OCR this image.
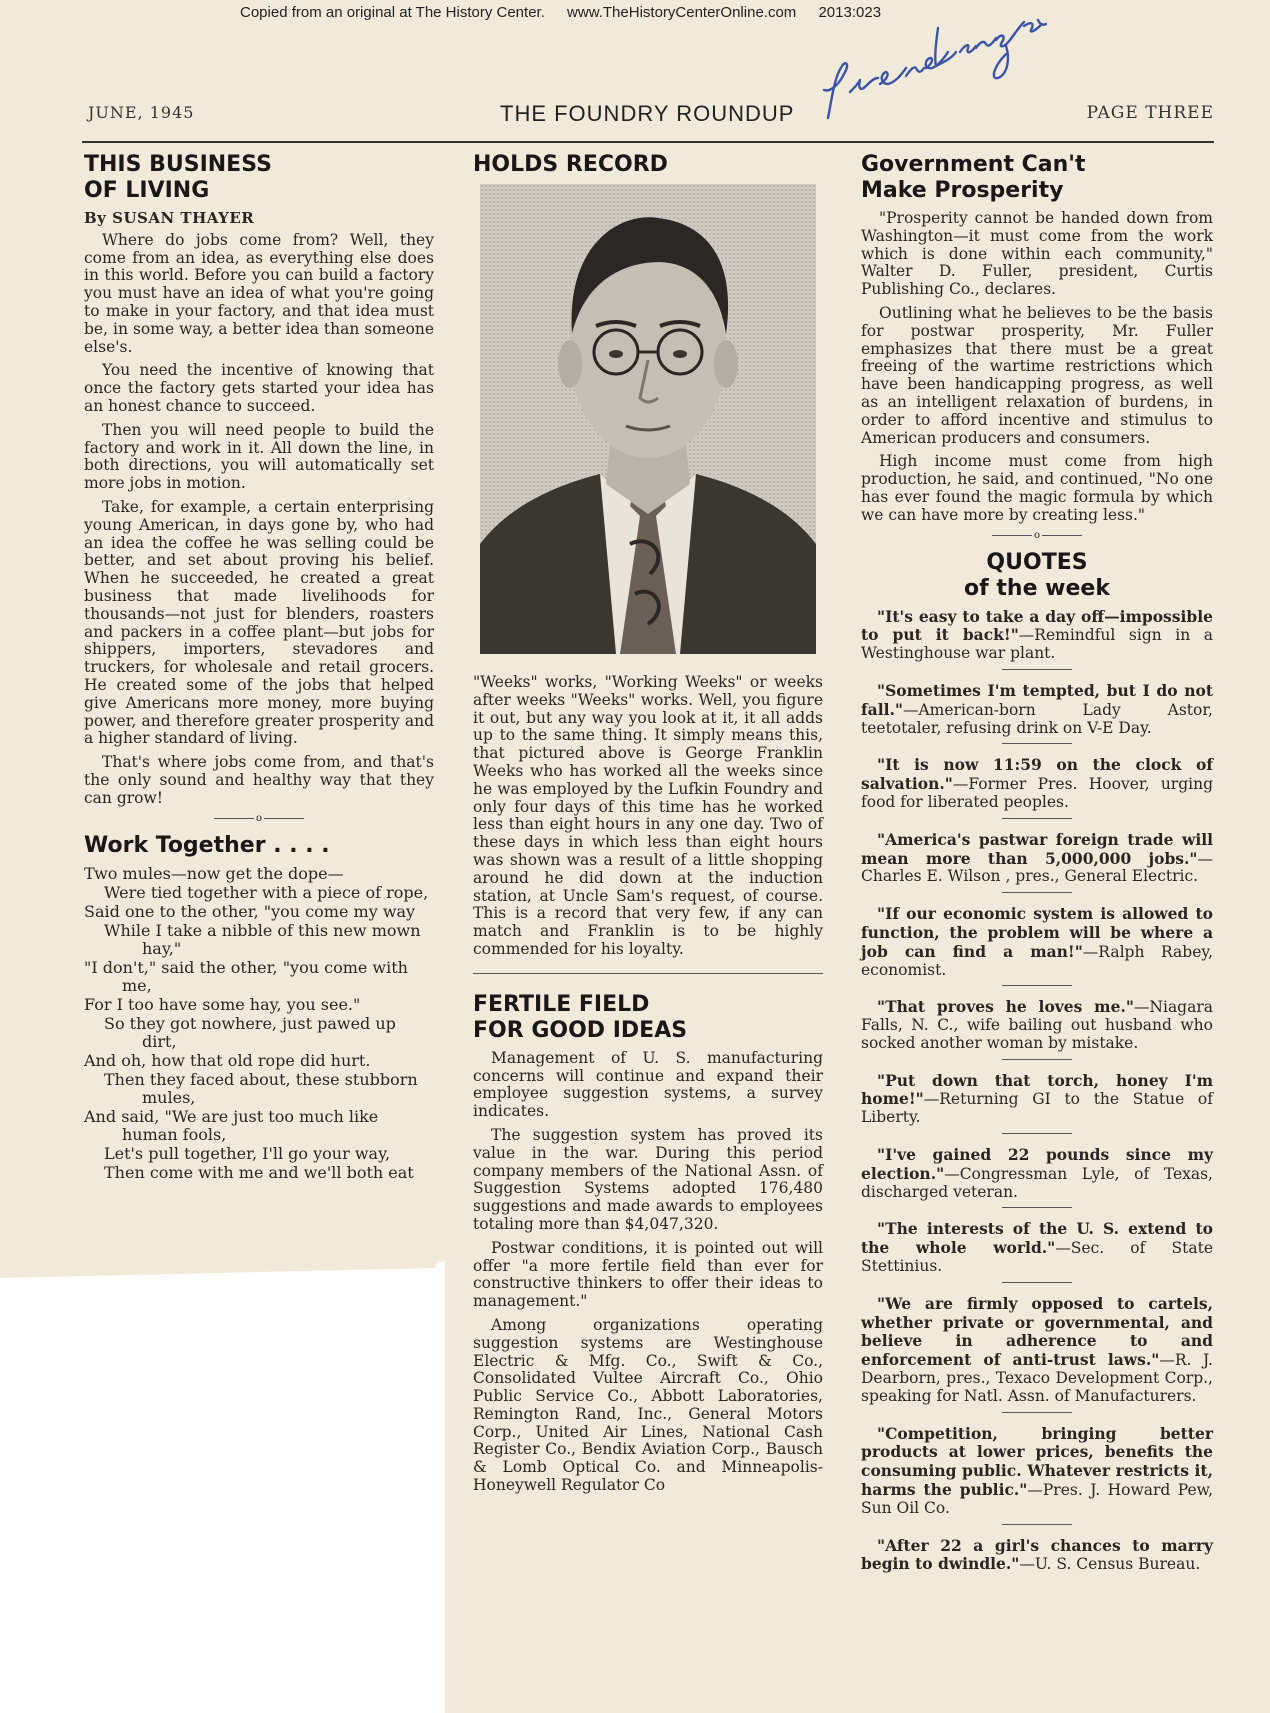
Copied from an original at The History Center. www.TheHistoryCenterOnline.com 2013:023
JUNE, 1945	THE FOUNDRY ROUNDUP	PAGE THREE
THIS BUSINESS
OF LIVING
By SUSAN THAYER

Where do jobs come from? Well, they come from an idea, as everything else does in this world. Before you can build a factory you must have an idea of what you're going to make in your factory, and that idea must be, in some way, a better idea than someone else's.

You need the incentive of knowing that once the factory gets started your idea has an honest chance to succeed.

Then you will need people to build the factory and work in it. All down the line, in both directions, you will automatically set more jobs in motion.

Take, for example, a certain enterprising young American, in days gone by, who had an idea the coffee he was selling could be better, and set about proving his belief. When he succeeded, he created a great business that made livelihoods for thousands—not just for blenders, roasters and packers in a coffee plant—but jobs for shippers, importers, stevadores and truckers, for wholesale and retail grocers. He created some of the jobs that helped give Americans more money, more buying power, and therefore greater prosperity and a higher standard of living.

That's where jobs come from, and that's the only sound and healthy way that they can grow!

o
Work Together . . . .
Two mules—now get the dope—
Were tied together with a piece of rope,
Said one to the other, "you come my way
While I take a nibble of this new mown hay,"
"I don't," said the other, "you come with me,
For I too have some hay, you see."
So they got nowhere, just pawed up dirt,
And oh, how that old rope did hurt.
Then they faced about, these stubborn mules,
And said, "We are just too much like human fools,
Let's pull together, I'll go your way,
Then come with me and we'll both eat
HOLDS RECORD

"Weeks" works, "Working Weeks" or weeks after weeks "Weeks" works. Well, you figure it out, but any way you look at it, it all adds up to the same thing. It simply means this, that pictured above is George Franklin Weeks who has worked all the weeks since he was employed by the Lufkin Foundry and only four days of this time has he worked less than eight hours in any one day. Two of these days in which less than eight hours was shown was a result of a little shopping around he did down at the induction station, at Uncle Sam's request, of course. This is a record that very few, if any can match and Franklin is to be highly commended for his loyalty.

FERTILE FIELD
FOR GOOD IDEAS

Management of U. S. manufacturing concerns will continue and expand their employee suggestion systems, a survey indicates.

The suggestion system has proved its value in the war. During this period company members of the National Assn. of Suggestion Systems adopted 176,480 suggestions and made awards to employees totaling more than $4,047,320.

Postwar conditions, it is pointed out will offer "a more fertile field than ever for constructive thinkers to offer their ideas to management."

Among organizations operating suggestion systems are Westinghouse Electric & Mfg. Co., Swift & Co., Consolidated Vultee Aircraft Co., Ohio Public Service Co., Abbott Laboratories, Remington Rand, Inc., General Motors Corp., United Air Lines, National Cash Register Co., Bendix Aviation Corp., Bausch & Lomb Optical Co. and Minneapolis-Honeywell Regulator Co

Government Can't
Make Prosperity

"Prosperity cannot be handed down from Washington—it must come from the work which is done within each community," Walter D. Fuller, president, Curtis Publishing Co., declares.

Outlining what he believes to be the basis for postwar prosperity, Mr. Fuller emphasizes that there must be a great freeing of the wartime restrictions which have been handicapping progress, as well as an intelligent relaxation of burdens, in order to afford incentive and stimulus to American producers and consumers.

High income must come from high production, he said, and continued, "No one has ever found the magic formula by which we can have more by creating less."

o
QUOTES
of the week
"It's easy to take a day off—impossible to put it back!"—Remindful sign in a Westinghouse war plant.
"Sometimes I'm tempted, but I do not fall."—American-born Lady Astor, teetotaler, refusing drink on V-E Day.
"It is now 11:59 on the clock of salvation."—Former Pres. Hoover, urging food for liberated peoples.
"America's pastwar foreign trade will mean more than 5,000,000 jobs."—Charles E. Wilson , pres., General Electric.
"If our economic system is allowed to function, the problem will be where a job can find a man!"—Ralph Rabey, economist.
"That proves he loves me."—Niagara Falls, N. C., wife bailing out husband who socked another woman by mistake.
"Put down that torch, honey I'm home!"—Returning GI to the Statue of Liberty.
"I've gained 22 pounds since my election."—Congressman Lyle, of Texas, discharged veteran.
"The interests of the U. S. extend to the whole world."—Sec. of State Stettinius.
"We are firmly opposed to cartels, whether private or governmental, and believe in adherence to and enforcement of anti-trust laws."—R. J. Dearborn, pres., Texaco Development Corp., speaking for Natl. Assn. of Manufacturers.
"Competition, bringing better products at lower prices, benefits the consuming public. Whatever restricts it, harms the public."—Pres. J. Howard Pew, Sun Oil Co.
"After 22 a girl's chances to marry begin to dwindle."—U. S. Census Bureau.
